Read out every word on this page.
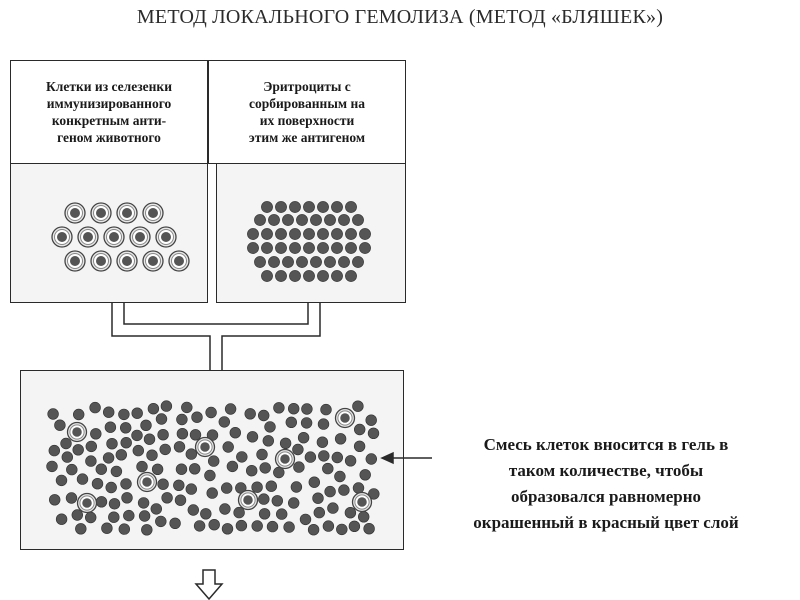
МЕТОД ЛОКАЛЬНОГО ГЕМОЛИЗА (МЕТОД «БЛЯШЕК»)
Клетки из селезенки
иммунизированного
конкретным анти-
геном животного
Эритроциты с
сорбированным на
их поверхности
этим же антигеном
Смесь клеток вносится в гель в
таком количестве, чтобы
образовался равномерно
окрашенный в красный цвет слой
